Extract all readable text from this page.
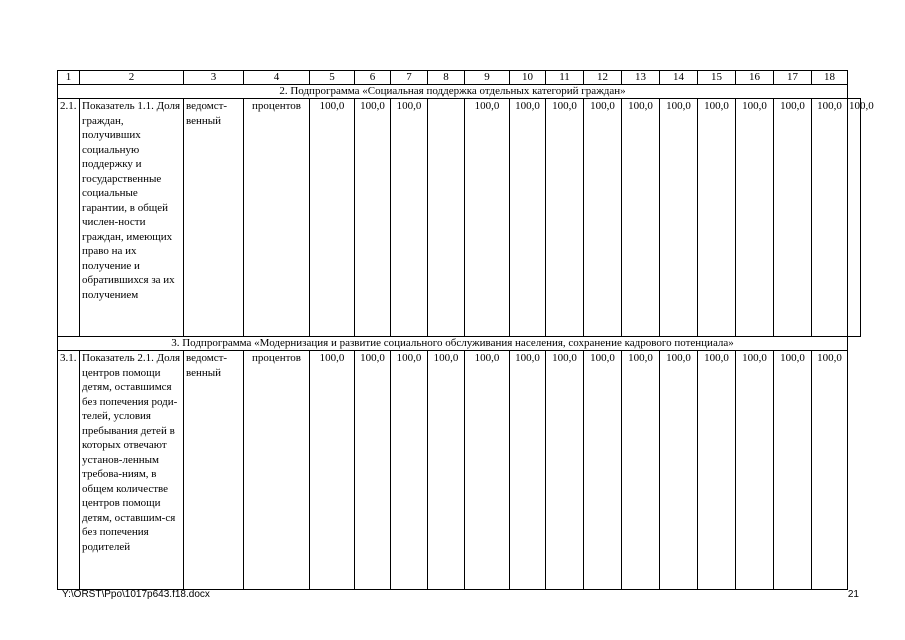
1	2	3	4	5	6	7	8	9	10	11	12	13	14	15	16	17	18	
2. Подпрограмма «Социальная поддержка отдельных категорий граждан»																		
2.1.	Показатель 1.1. Доля граждан, получивших социальную поддержку и государственные социальные гарантии, в общей числен-ности граждан, имеющих право на их получение и обратившихся за их получением	ведомст-венный	процентов	100,0	100,0	100,0		100,0	100,0	100,0	100,0	100,0	100,0	100,0	100,0	100,0	100,0	100,0
3. Подпрограмма «Модернизация и развитие социального обслуживания населения, сохранение кадрового потенциала»																		
3.1.	Показатель 2.1. Доля центров помощи детям, оставшимся без попечения роди-телей, условия пребывания детей в которых отвечают установ-ленным требова-ниям, в общем количестве центров помощи детям, оставшим-ся без попечения родителей	ведомст-венный	процентов	100,0	100,0	100,0	100,0	100,0	100,0	100,0	100,0	100,0	100,0	100,0	100,0	100,0	100,0	
Y:\ORST\Ppo\1017p643.f18.docx	21
